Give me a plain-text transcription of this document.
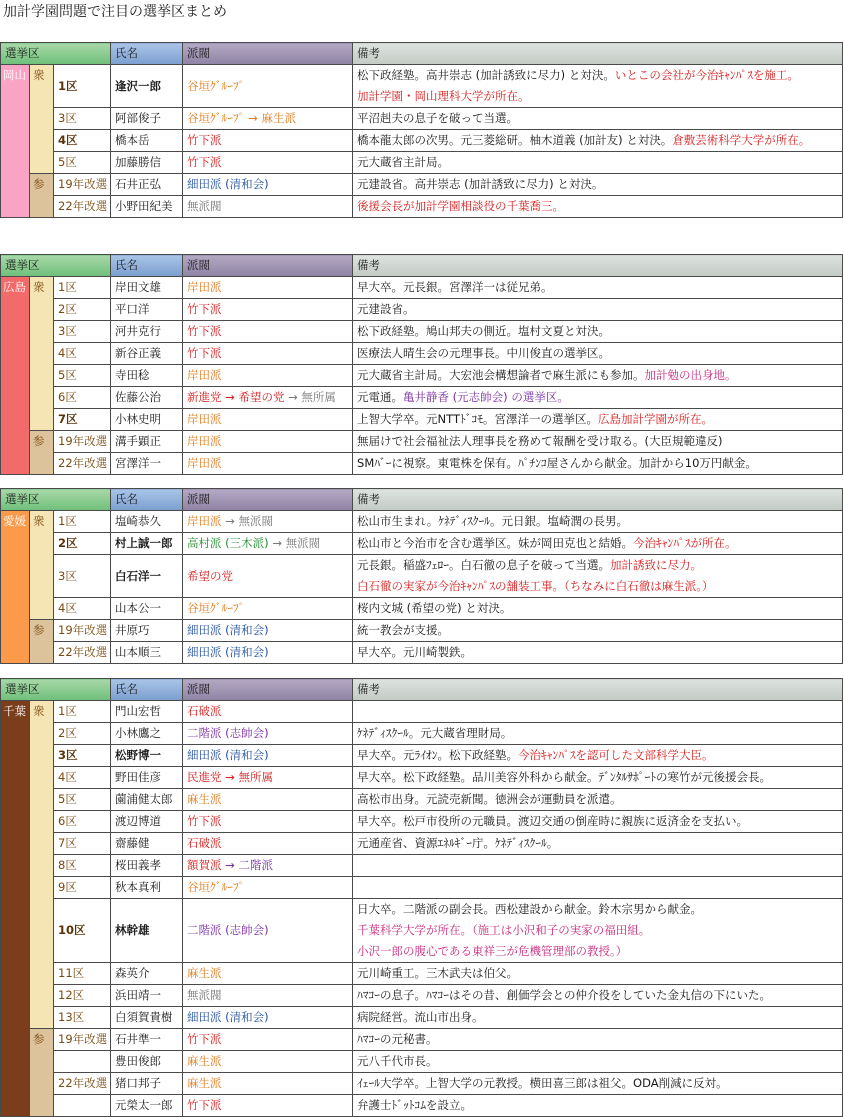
加計学園問題で注目の選挙区まとめ
選挙区			氏名	派閥	備考
岡山	衆	1区	逢沢一郎	谷垣ｸﾞﾙｰﾌﾟ	松下政経塾。高井崇志 (加計誘致に尽力) と対決。いとこの会社が今治ｷｬﾝﾊﾟｽを施工。
加計学園・岡山理科大学が所在。

		3区	阿部俊子	谷垣ｸﾞﾙｰﾌﾟ → 麻生派	平沼赳夫の息子を破って当選。

		4区	橋本岳	竹下派	橋本龍太郎の次男。元三菱総研。柚木道義 (加計友) と対決。倉敷芸術科学大学が所在。

		5区	加藤勝信	竹下派	元大蔵省主計局。

	参	19年改選	石井正弘	細田派 (清和会)	元建設省。高井崇志 (加計誘致に尽力) と対決。

		22年改選	小野田紀美	無派閥	後援会長が加計学園相談役の千葉喬三。
選挙区			氏名	派閥	備考
広島	衆	1区	岸田文雄	岸田派	早大卒。元長銀。宮澤洋一は従兄弟。

		2区	平口洋	竹下派	元建設省。

		3区	河井克行	竹下派	松下政経塾。鳩山邦夫の側近。塩村文夏と対決。

		4区	新谷正義	竹下派	医療法人晴生会の元理事長。中川俊直の選挙区。

		5区	寺田稔	岸田派	元大蔵省主計局。大宏池会構想論者で麻生派にも参加。加計勉の出身地。

		6区	佐藤公治	新進党 → 希望の党 → 無所属	元電通。亀井静香 (元志帥会) の選挙区。

		7区	小林史明	岸田派	上智大学卒。元NTTﾄﾞｺﾓ。宮澤洋一の選挙区。広島加計学園が所在。

	参	19年改選	溝手顕正	岸田派	無届けで社会福祉法人理事長を務めて報酬を受け取る。(大臣規範違反)

		22年改選	宮澤洋一	岸田派	SMﾊﾞｰに視察。東電株を保有。ﾊﾟﾁﾝｺ屋さんから献金。加計から10万円献金。
選挙区			氏名	派閥	備考
愛媛	衆	1区	塩崎恭久	岸田派 → 無派閥	松山市生まれ。ｹﾈﾃﾞｨｽｸｰﾙ。元日銀。塩崎潤の長男。

		2区	村上誠一郎	高村派 (三木派) → 無派閥	松山市と今治市を含む選挙区。妹が岡田克也と結婚。今治ｷｬﾝﾊﾟｽが所在。

		3区	白石洋一	希望の党	元長銀。稲盛ﾌｪﾛｰ。白石徹の息子を破って当選。加計誘致に尽力。
白石徹の実家が今治ｷｬﾝﾊﾟｽの舗装工事。（ちなみに白石徹は麻生派。）

		4区	山本公一	谷垣ｸﾞﾙｰﾌﾟ	桜内文城 (希望の党) と対決。

	参	19年改選	井原巧	細田派 (清和会)	統一教会が支援。

		22年改選	山本順三	細田派 (清和会)	早大卒。元川崎製鉄。
選挙区			氏名	派閥	備考
千葉	衆	1区	門山宏哲	石破派	
		2区	小林鷹之	二階派 (志帥会)	ｹﾈﾃﾞｨｽｸｰﾙ。元大蔵省理財局。

		3区	松野博一	細田派 (清和会)	早大卒。元ﾗｲｵﾝ。松下政経塾。今治ｷｬﾝﾊﾟｽを認可した文部科学大臣。

		4区	野田佳彦	民進党 → 無所属	早大卒。松下政経塾。品川美容外科から献金。ﾃﾞﾝﾀﾙｻﾎﾟｰﾄの寒竹が元後援会長。

		5区	薗浦健太郎	麻生派	高松市出身。元読売新聞。徳洲会が運動員を派遣。

		6区	渡辺博道	竹下派	早大卒。松戸市役所の元職員。渡辺交通の倒産時に親族に返済金を支払い。

		7区	齋藤健	石破派	元通産省、資源ｴﾈﾙｷﾞｰ庁。ｹﾈﾃﾞｨｽｸｰﾙ。

		8区	桜田義孝	額賀派 → 二階派	
		9区	秋本真利	谷垣ｸﾞﾙｰﾌﾟ	
		10区	林幹雄	二階派 (志帥会)	日大卒。二階派の副会長。西松建設から献金。鈴木宗男から献金。
千葉科学大学が所在。（施工は小沢和子の実家の福田組。
小沢一郎の腹心である東祥三が危機管理部の教授。）

		11区	森英介	麻生派	元川崎重工。三木武夫は伯父。

		12区	浜田靖一	無派閥	ﾊﾏｺｰの息子。ﾊﾏｺｰはその昔、創価学会との仲介役をしていた金丸信の下にいた。

		13区	白須賀貴樹	細田派 (清和会)	病院経営。流山市出身。

	参	19年改選	石井準一	竹下派	ﾊﾏｺｰの元秘書。

			豊田俊郎	麻生派	元八千代市長。

		22年改選	猪口邦子	麻生派	ｲｪｰﾙ大学卒。上智大学の元教授。横田喜三郎は祖父。ODA削減に反対。

			元榮太一郎	竹下派	弁護士ﾄﾞｯﾄｺﾑを設立。
